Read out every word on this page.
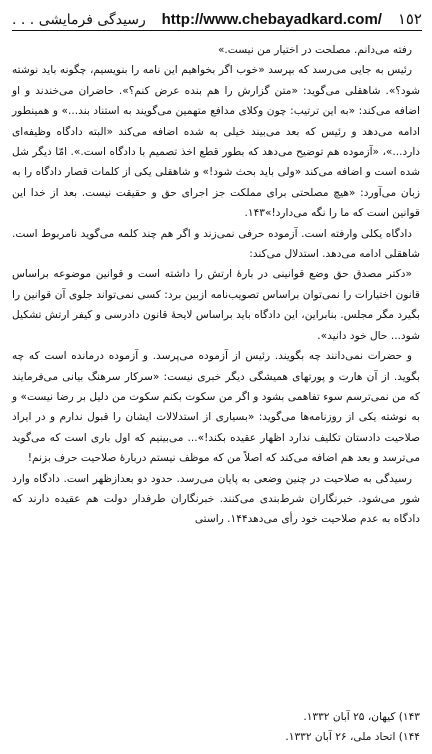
رسیدگی فرمایشی . . . http://www.chebayadkard.com/ ١٥٢

رفته می‌دانم. مصلحت در اختیار من نیست.»

رئیس به جایی می‌رسد که بپرسد «خوب اگر بخواهیم این نامه را بنویسیم، چگونه باید نوشته شود؟». شاهقلی می‌گوید: «متن گزارش را هم بنده عرض کنم؟». حاضران می‌خندند و او اضافه می‌کند: «به این ترتیب: چون وکلای مدافع متهمین می‌گویند به استناد بند...» و همینطور ادامه می‌دهد و رئیس که بعد می‌بیند خیلی به شده اضافه می‌کند «البته دادگاه وظیفه‌ای دارد...»، «آزموده هم توضیح می‌دهد که بطور قطع اخذ تصمیم با دادگاه است.». امّا دیگر شل شده است و اضافه می‌کند «ولی باید بحث شود!» و شاهقلی یکی از کلمات قصار دادگاه را به زبان می‌آورد: «هیچ مصلحتی برای مملکت جز اجرای حق و حقیقت نیست. بعد از خدا این قوانین است که ما را نگه می‌دارد!»١۴٣.

دادگاه یکلی وارفته است. آزموده حرفی نمی‌زند و اگر هم چند کلمه می‌گوید نامربوط است. شاهقلی ادامه می‌دهد. استدلال می‌کند:

«دکتر مصدق حق وضع قوانینی در بارهٔ ارتش را داشته است و قوانین موضوعه براساس قانون اختیارات را نمی‌توان براساس تصویب‌نامه ازبین برد: کسی نمی‌تواند جلوی آن قوانین را بگیرد مگر مجلس. بنابراین، این دادگاه باید براساس لایحهٔ قانون دادرسی و کیفر ارتش تشکیل شود... حال خود دانید».

و حضرات نمی‌دانند چه بگویند. رئیس از آزموده می‌پرسد. و آزموده درمانده است که چه بگوید. از آن هارت و پورتهای همیشگی دیگر خبری نیست: «سرکار سرهنگ بیانی می‌فرمایند که من نمی‌ترسم سوء تفاهمی بشود و اگر من سکوت بکنم سکوت من دلیل بر رضا نیست» و به نوشته یکی از روزنامه‌ها می‌گوید: «بسیاری از استدلالات ایشان را قبول ندارم و در ایراد صلاحیت دادستان تکلیف ندارد اظهار عقیده بکند!»... می‌بینیم که اول باری است که می‌گوید می‌ترسد و بعد هم اضافه می‌کند که اصلاً من که موظف نیستم دربارهٔ صلاحیت حرف بزنم!

رسیدگی به صلاحیت در چنین وضعی به پایان می‌رسد. حدود دو بعدازظهر است. دادگاه وارد شور می‌شود. خبرنگاران شرط‌بندی می‌کنند. خبرنگاران طرفدار دولت هم عقیده دارند که دادگاه به عدم صلاحیت خود رأی می‌دهد١۴۴. راستی

١۴٣) کیهان، ٢۵ آبان ١٣٣٢.

١۴۴) اتحاد ملی، ٢۶ آبان ١٣٣٢.
